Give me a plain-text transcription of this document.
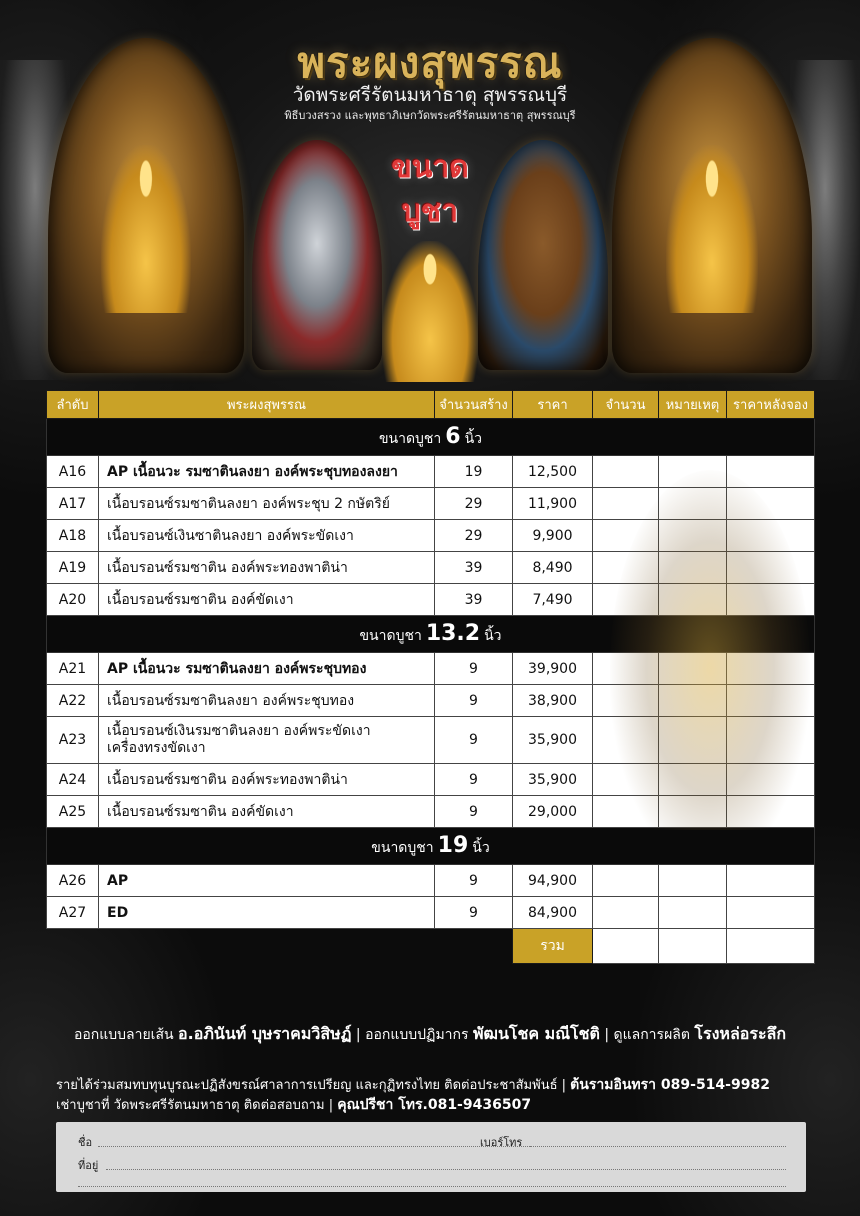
พระผงสุพรรณ
วัดพระศรีรัตนมหาธาตุ สุพรรณบุรี
พิธีบวงสรวง และพุทธาภิเษกวัดพระศรีรัตนมหาธาตุ สุพรรณบุรี
ขนาด
บูชา
ลำดับ	พระผงสุพรรณ	จำนวนสร้าง	ราคา	จำนวน	หมายเหตุ	ราคาหลังจอง
ขนาดบูชา 6 นิ้ว						
A16	AP เนื้อนวะ รมซาตินลงยา องค์พระชุบทองลงยา	19	12,500			
A17	เนื้อบรอนซ์รมซาตินลงยา องค์พระชุบ 2 กษัตริย์	29	11,900			
A18	เนื้อบรอนซ์เงินซาตินลงยา องค์พระขัดเงา	29	9,900			
A19	เนื้อบรอนซ์รมซาติน องค์พระทองพาติน่า	39	8,490			
A20	เนื้อบรอนซ์รมซาติน องค์ขัดเงา	39	7,490			
ขนาดบูชา 13.2 นิ้ว						
A21	AP เนื้อนวะ รมซาตินลงยา องค์พระชุบทอง	9	39,900			
A22	เนื้อบรอนซ์รมซาตินลงยา องค์พระชุบทอง	9	38,900			
A23	เนื้อบรอนซ์เงินรมซาตินลงยา องค์พระขัดเงา
เครื่องทรงขัดเงา	9	35,900			
A24	เนื้อบรอนซ์รมซาติน องค์พระทองพาติน่า	9	35,900			
A25	เนื้อบรอนซ์รมซาติน องค์ขัดเงา	9	29,000			
ขนาดบูชา 19 นิ้ว						
A26	AP	9	94,900			
A27	ED	9	84,900			
			รวม			
ออกแบบลายเส้น อ.อภินันท์ บุษราคมวิสิษฏ์ | ออกแบบปฏิมากร พัฒนโชค มณีโชติ | ดูแลการผลิต โรงหล่อระลึก
รายได้ร่วมสมทบทุนบูรณะปฏิสังขรณ์ศาลาการเปรียญ และกุฏิทรงไทย ติดต่อประชาสัมพันธ์ | ต้นรามอินทรา 089-514-9982
เช่าบูชาที่ วัดพระศรีรัตนมหาธาตุ ติดต่อสอบถาม | คุณปรีชา โทร.081-9436507
ชื่อ	เบอร์โทร
ที่อยู่
